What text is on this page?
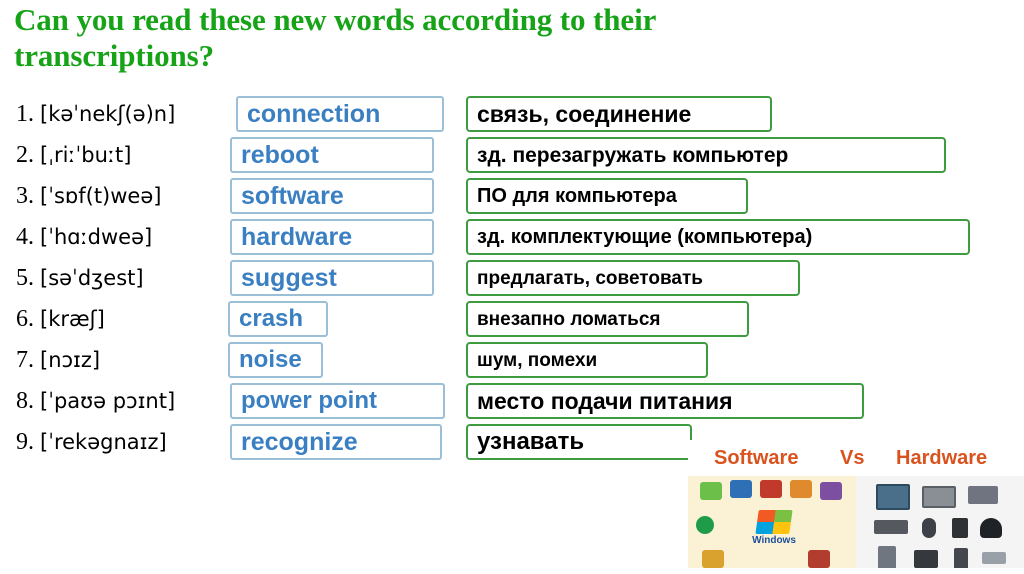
Can you read these new words according to their transcriptions?
1. [kəˈnekʃ(ə)n]	connection	связь, соединение
2. [ˌriːˈbuːt]	reboot	зд. перезагружать компьютер
3. [ˈsɒf(t)weə]	software	ПО для компьютера
4. [ˈhɑːdweə]	hardware	зд. комплектующие (компьютера)
5. [səˈdʒest]	suggest	предлагать, советовать
6. [kræʃ]	crash	внезапно ломаться
7. [nɔɪz]	noise	шум, помехи
8. [ˈpaʊə pɔɪnt]	power point	место подачи питания
9. [ˈrekəgnaɪz]	recognize	узнавать
Software Vs Hardware
Windows
